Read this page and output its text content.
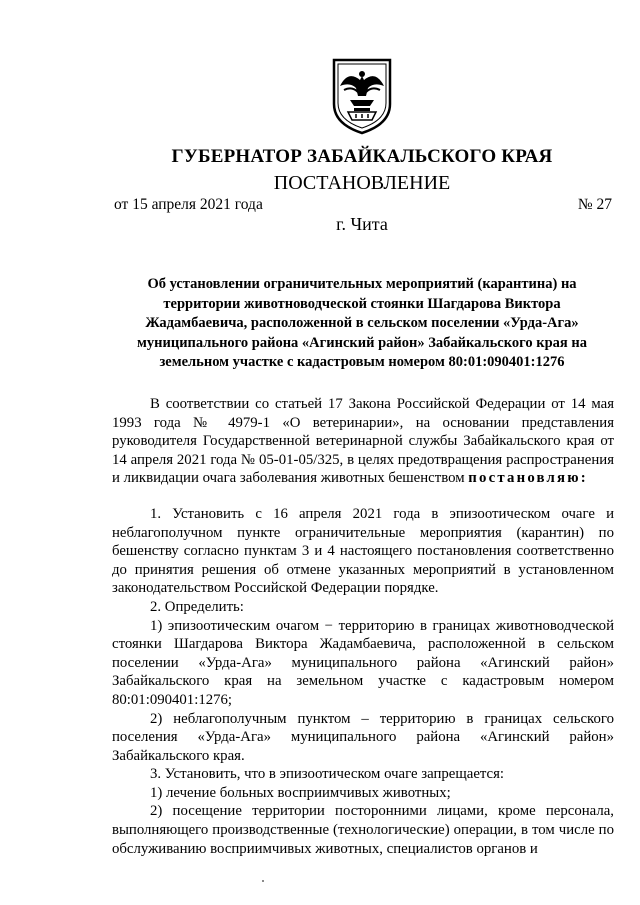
ГУБЕРНАТОР ЗАБАЙКАЛЬСКОГО КРАЯ
ПОСТАНОВЛЕНИЕ
от 15 апреля 2021 года	№ 27
г. Чита
Об установлении ограничительных мероприятий (карантина) на территории животноводческой стоянки Шагдарова Виктора Жадамбаевича, расположенной в сельском поселении «Урда-Ага» муниципального района «Агинский район» Забайкальского края на земельном участке с кадастровым номером 80:01:090401:1276

В соответствии со статьей 17 Закона Российской Федерации от 14 мая 1993 года № 4979-1 «О ветеринарии», на основании представления руководителя Государственной ветеринарной службы Забайкальского края от 14 апреля 2021 года № 05-01-05/325, в целях предотвращения распространения и ликвидации очага заболевания животных бешенством постановляю:

1. Установить с 16 апреля 2021 года в эпизоотическом очаге и неблагополучном пункте ограничительные мероприятия (карантин) по бешенству согласно пунктам 3 и 4 настоящего постановления соответственно до принятия решения об отмене указанных мероприятий в установленном законодательством Российской Федерации порядке.

2. Определить:

1) эпизоотическим очагом − территорию в границах животноводческой стоянки Шагдарова Виктора Жадамбаевича, расположенной в сельском поселении «Урда-Ага» муниципального района «Агинский район» Забайкальского края на земельном участке с кадастровым номером 80:01:090401:1276;

2) неблагополучным пунктом – территорию в границах сельского поселения «Урда-Ага» муниципального района «Агинский район» Забайкальского края.

3. Установить, что в эпизоотическом очаге запрещается:

1) лечение больных восприимчивых животных;

2) посещение территории посторонними лицами, кроме персонала, выполняющего производственные (технологические) операции, в том числе по обслуживанию восприимчивых животных, специалистов органов и
